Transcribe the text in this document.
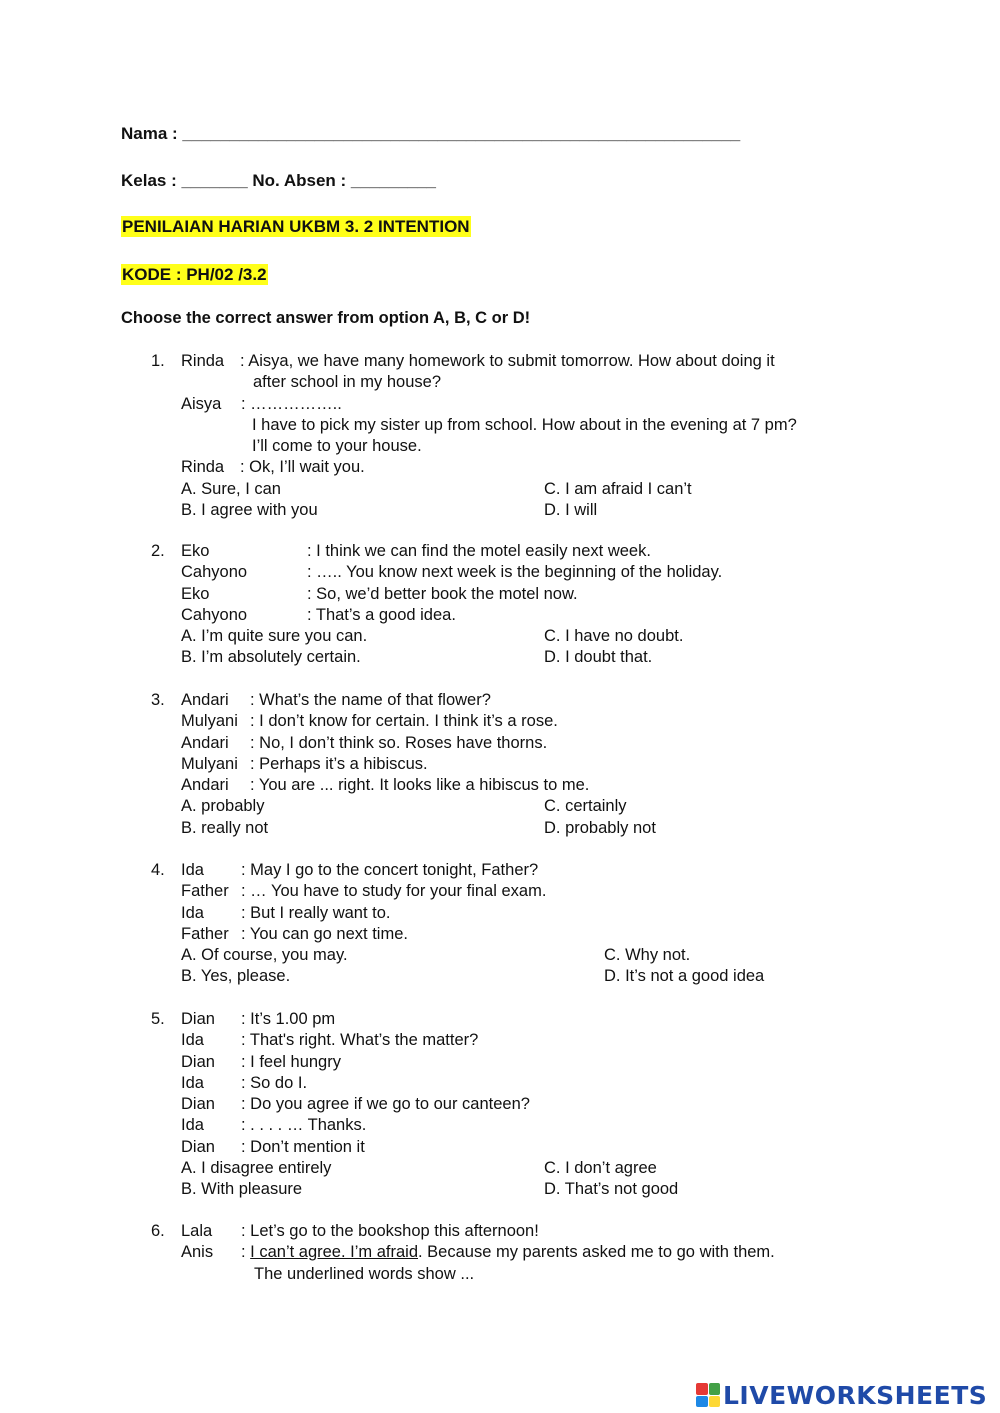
Nama : ___________________________________________________________
Kelas : _______ No. Absen : _________
PENILAIAN HARIAN UKBM 3. 2 INTENTION
KODE : PH/02 /3.2
Choose the correct answer from option A, B, C or D!
1. Rinda : Aisya, we have many homework to submit tomorrow. How about doing it
after school in my house?
Aisya : ……………..
I have to pick my sister up from school. How about in the evening at 7 pm?
I’ll come to your house.
Rinda : Ok, I’ll wait you.
A. Sure, I can	C. I am afraid I can’t
B. I agree with you	D. I will
2. Eko	: I think we can find the motel easily next week.
Cahyono	: ….. You know next week is the beginning of the holiday.
Eko	: So, we’d better book the motel now.
Cahyono	: That’s a good idea.
A. I’m quite sure you can.	C. I have no doubt.
B. I’m absolutely certain.	D. I doubt that.
3. Andari : What’s the name of that flower?
Mulyani : I don’t know for certain. I think it’s a rose.
Andari : No, I don’t think so. Roses have thorns.
Mulyani : Perhaps it’s a hibiscus.
Andari : You are ... right. It looks like a hibiscus to me.
A. probably	C. certainly
B. really not	D. probably not
4. Ida : May I go to the concert tonight, Father?
Father : … You have to study for your final exam.
Ida : But I really want to.
Father : You can go next time.
A. Of course, you may.	C. Why not.
B. Yes, please.	D. It’s not a good idea
5. Dian : It’s 1.00 pm
Ida : That's right. What’s the matter?
Dian : I feel hungry
Ida : So do I.
Dian : Do you agree if we go to our canteen?
Ida : . . . . … Thanks.
Dian : Don’t mention it
A. I disagree entirely	C. I don’t agree
B. With pleasure	D. That’s not good
6. Lala : Let’s go to the bookshop this afternoon!
Anis : I can’t agree. I’m afraid. Because my parents asked me to go with them.
The underlined words show ...
LIVEWORKSHEETS
